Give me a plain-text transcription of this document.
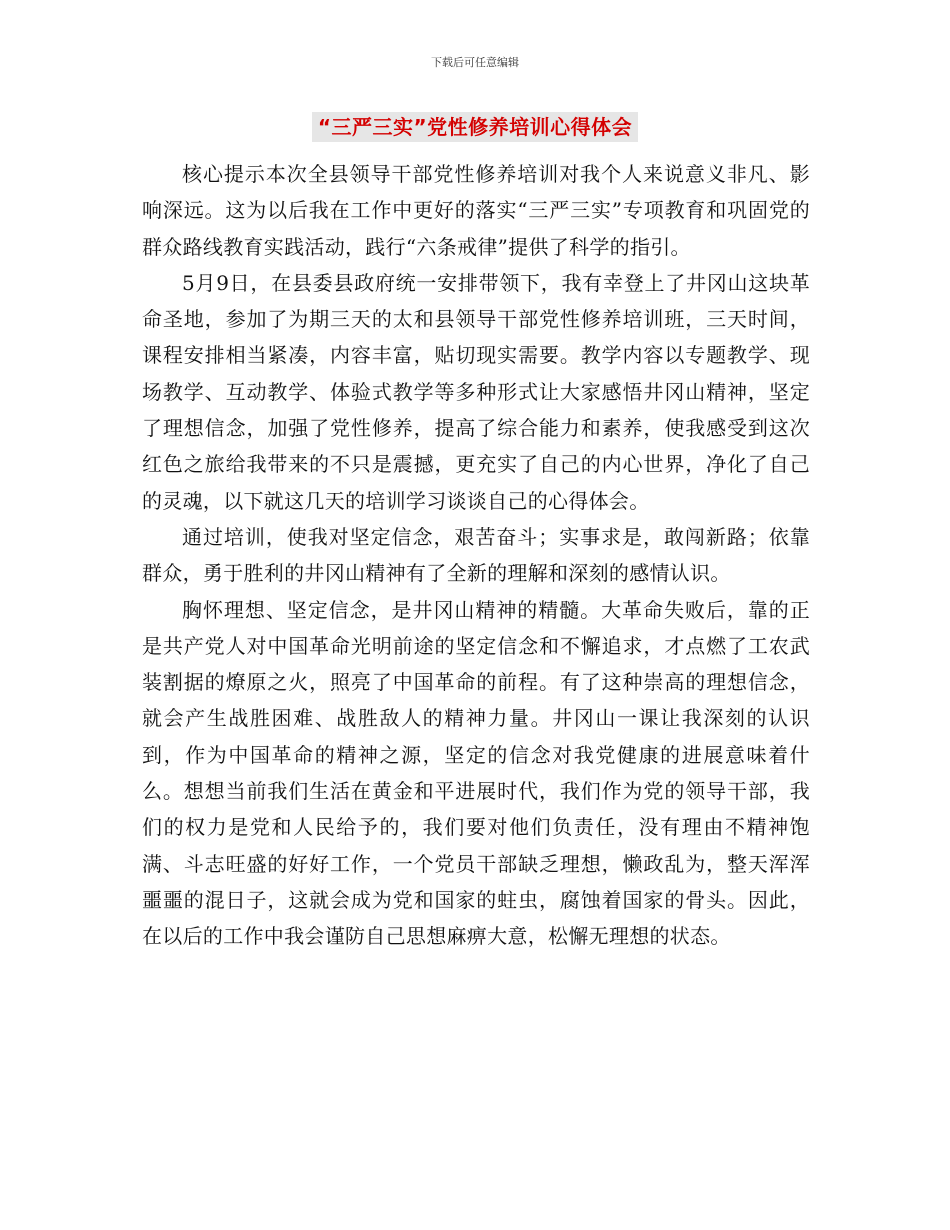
下载后可任意编辑
“三严三实”党性修养培训心得体会

核心提示本次全县领导干部党性修养培训对我个人来说意义非凡、影响深远。这为以后我在工作中更好的落实“三严三实”专项教育和巩固党的群众路线教育实践活动，践行“六条戒律”提供了科学的指引。

5月9日，在县委县政府统一安排带领下，我有幸登上了井冈山这块革命圣地，参加了为期三天的太和县领导干部党性修养培训班，三天时间，课程安排相当紧凑，内容丰富，贴切现实需要。教学内容以专题教学、现场教学、互动教学、体验式教学等多种形式让大家感悟井冈山精神，坚定了理想信念，加强了党性修养，提高了综合能力和素养，使我感受到这次红色之旅给我带来的不只是震撼，更充实了自己的内心世界，净化了自己的灵魂，以下就这几天的培训学习谈谈自己的心得体会。

通过培训，使我对坚定信念，艰苦奋斗；实事求是，敢闯新路；依靠群众，勇于胜利的井冈山精神有了全新的理解和深刻的感情认识。

胸怀理想、坚定信念，是井冈山精神的精髓。大革命失败后，靠的正是共产党人对中国革命光明前途的坚定信念和不懈追求，才点燃了工农武装割据的燎原之火，照亮了中国革命的前程。有了这种崇高的理想信念，就会产生战胜困难、战胜敌人的精神力量。井冈山一课让我深刻的认识到，作为中国革命的精神之源，坚定的信念对我党健康的进展意味着什么。想想当前我们生活在黄金和平进展时代，我们作为党的领导干部，我们的权力是党和人民给予的，我们要对他们负责任，没有理由不精神饱满、斗志旺盛的好好工作，一个党员干部缺乏理想，懒政乱为，整天浑浑噩噩的混日子，这就会成为党和国家的蛀虫，腐蚀着国家的骨头。因此，在以后的工作中我会谨防自己思想麻痹大意，松懈无理想的状态。
